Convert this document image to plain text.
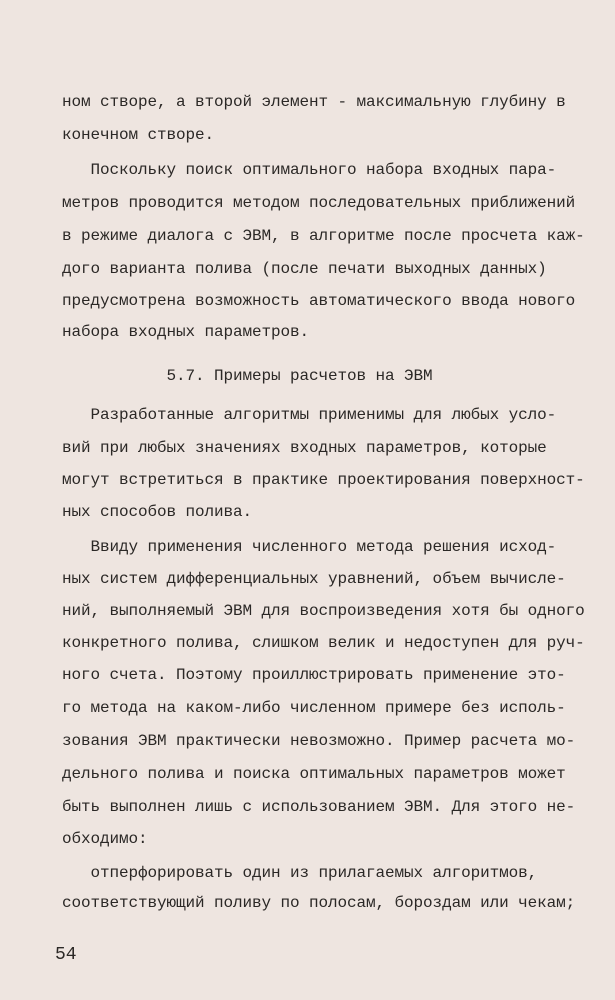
ном створе, а второй элемент - максимальную глубину в
конечном створе.
Поскольку поиск оптимального набора входных пара-
метров проводится методом последовательных приближений
в режиме диалога с ЭВМ, в алгоритме после просчета каж-
дого варианта полива (после печати выходных данных)
предусмотрена возможность автоматического ввода нового
набора входных параметров.
5.7. Примеры расчетов на ЭВМ
Разработанные алгоритмы применимы для любых усло-
вий при любых значениях входных параметров, которые
могут встретиться в практике проектирования поверхност-
ных способов полива.
Ввиду применения численного метода решения исход-
ных систем дифференциальных уравнений, объем вычисле-
ний, выполняемый ЭВМ для воспроизведения хотя бы одного
конкретного полива, слишком велик и недоступен для руч-
ного счета. Поэтому проиллюстрировать применение это-
го метода на каком-либо численном примере без исполь-
зования ЭВМ практически невозможно. Пример расчета мо-
дельного полива и поиска оптимальных параметров может
быть выполнен лишь с использованием ЭВМ. Для этого не-
обходимо:
отперфорировать один из прилагаемых алгоритмов,
соответствующий поливу по полосам, бороздам или чекам;
54
